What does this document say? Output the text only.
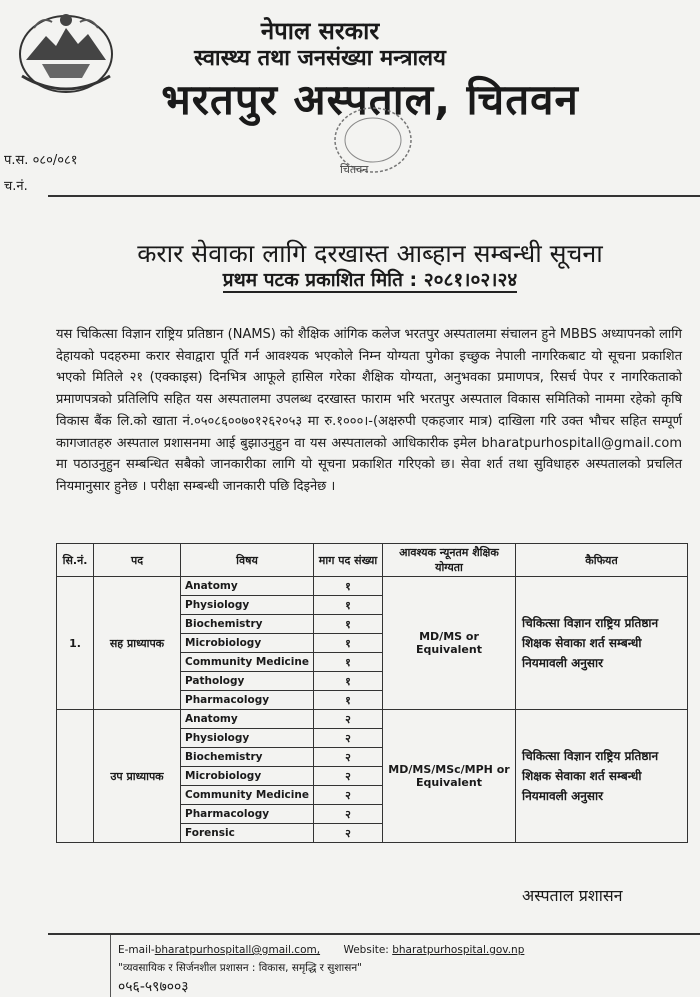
नेपाल सरकार
स्वास्थ्य तथा जनसंख्या मन्त्रालय
भरतपुर अस्पताल, चितवन
चितवन
प.स. ०८०/०८१
च.नं.
करार सेवाका लागि दरखास्त आब्हान सम्बन्धी सूचना
प्रथम पटक प्रकाशित मिति : २०८१।०२।२४
यस चिकित्सा विज्ञान राष्ट्रिय प्रतिष्ठान (NAMS) को शैक्षिक आंगिक कलेज भरतपुर अस्पतालमा संचालन हुने MBBS अध्यापनको लागि देहायको पदहरुमा करार सेवाद्वारा पूर्ति गर्न आवश्यक भएकोले निम्न योग्यता पुगेका इच्छुक नेपाली नागरिकबाट यो सूचना प्रकाशित भएको मितिले २१ (एक्काइस) दिनभित्र आफूले हासिल गरेका शैक्षिक योग्यता, अनुभवका प्रमाणपत्र, रिसर्च पेपर र नागरिकताको प्रमाणपत्रको प्रतिलिपि सहित यस अस्पतालमा उपलब्ध दरखास्त फाराम भरि भरतपुर अस्पताल विकास समितिको नाममा रहेको कृषि विकास बैंक लि.को खाता नं.०५०८६००७०१२६२०५३ मा रु.१०००।-(अक्षरुपी एकहजार मात्र) दाखिला गरि उक्त भौचर सहित सम्पूर्ण कागजातहरु अस्पताल प्रशासनमा आई बुझाउनुहुन वा यस अस्पतालको आधिकारीक इमेल bharatpurhospitall@gmail.com मा पठाउनुहुन सम्बन्धित सबैको जानकारीका लागि यो सूचना प्रकाशित गरिएको छ। सेवा शर्त तथा सुविधाहरु अस्पतालको प्रचलित नियमानुसार हुनेछ । परीक्षा सम्बन्धी जानकारी पछि दिइनेछ ।
सि.नं.	पद	विषय	माग पद संख्या	आवश्यक न्यूनतम शैक्षिक योग्यता	कैफियत
1.	सह प्राध्यापक	Anatomy	१	MD/MS or Equivalent	चिकित्सा विज्ञान राष्ट्रिय प्रतिष्ठान शिक्षक सेवाका शर्त सम्बन्धी नियमावली अनुसार
		Physiology	१		
		Biochemistry	१		
		Microbiology	१		
		Community Medicine	१		
		Pathology	१		
		Pharmacology	१		
	उप प्राध्यापक	Anatomy	२	MD/MS/MSc/MPH or Equivalent	चिकित्सा विज्ञान राष्ट्रिय प्रतिष्ठान शिक्षक सेवाका शर्त सम्बन्धी नियमावली अनुसार
		Physiology	२		
		Biochemistry	२		
		Microbiology	२		
		Community Medicine	२		
		Pharmacology	२		
		Forensic	२		
अस्पताल प्रशासन
E-mail-bharatpurhospitall@gmail.com, Website: bharatpurhospital.gov.np
"व्यवसायिक र सिर्जनशील प्रशासन : विकास, समृद्धि र सुशासन"
०५६-५९७००३
